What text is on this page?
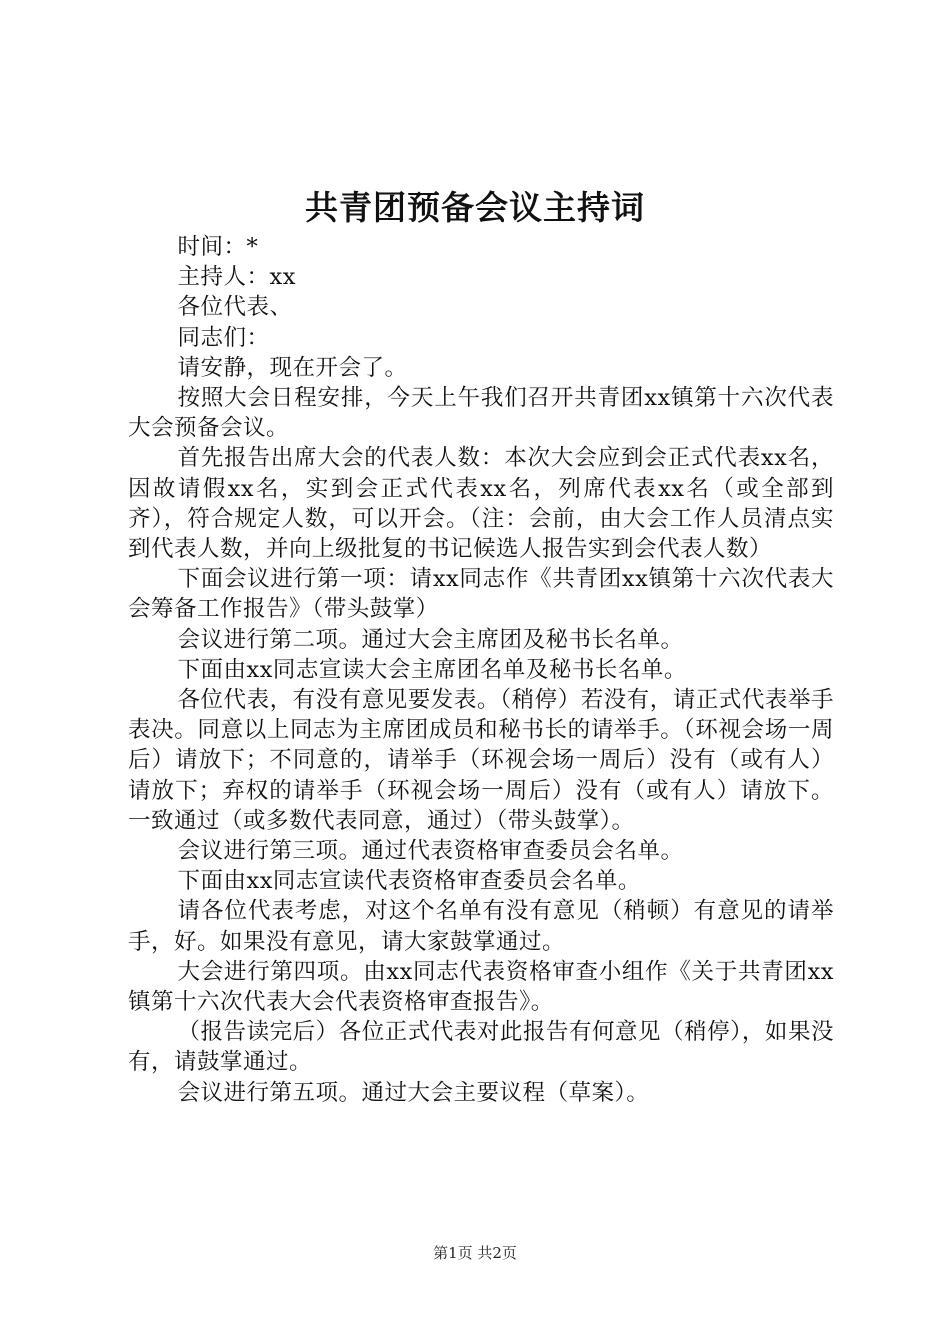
共青团预备会议主持词

时间：*

主持人：xx

各位代表、

同志们：

请安静，现在开会了。

按照大会日程安排，今天上午我们召开共青团xx镇第十六次代表大会预备会议。

首先报告出席大会的代表人数：本次大会应到会正式代表xx名，因故请假xx名，实到会正式代表xx名，列席代表xx名（或全部到齐），符合规定人数，可以开会。（注：会前，由大会工作人员清点实到代表人数，并向上级批复的书记候选人报告实到会代表人数）

下面会议进行第一项：请xx同志作《共青团xx镇第十六次代表大会筹备工作报告》（带头鼓掌）

会议进行第二项。通过大会主席团及秘书长名单。

下面由xx同志宣读大会主席团名单及秘书长名单。

各位代表，有没有意见要发表。（稍停）若没有，请正式代表举手表决。同意以上同志为主席团成员和秘书长的请举手。（环视会场一周后）请放下；不同意的，请举手（环视会场一周后）没有（或有人）请放下；弃权的请举手（环视会场一周后）没有（或有人）请放下。一致通过（或多数代表同意，通过）（带头鼓掌）。

会议进行第三项。通过代表资格审查委员会名单。

下面由xx同志宣读代表资格审查委员会名单。

请各位代表考虑，对这个名单有没有意见（稍顿）有意见的请举手，好。如果没有意见，请大家鼓掌通过。

大会进行第四项。由xx同志代表资格审查小组作《关于共青团xx镇第十六次代表大会代表资格审查报告》。

（报告读完后）各位正式代表对此报告有何意见（稍停），如果没有，请鼓掌通过。

会议进行第五项。通过大会主要议程（草案）。

第1页 共2页
